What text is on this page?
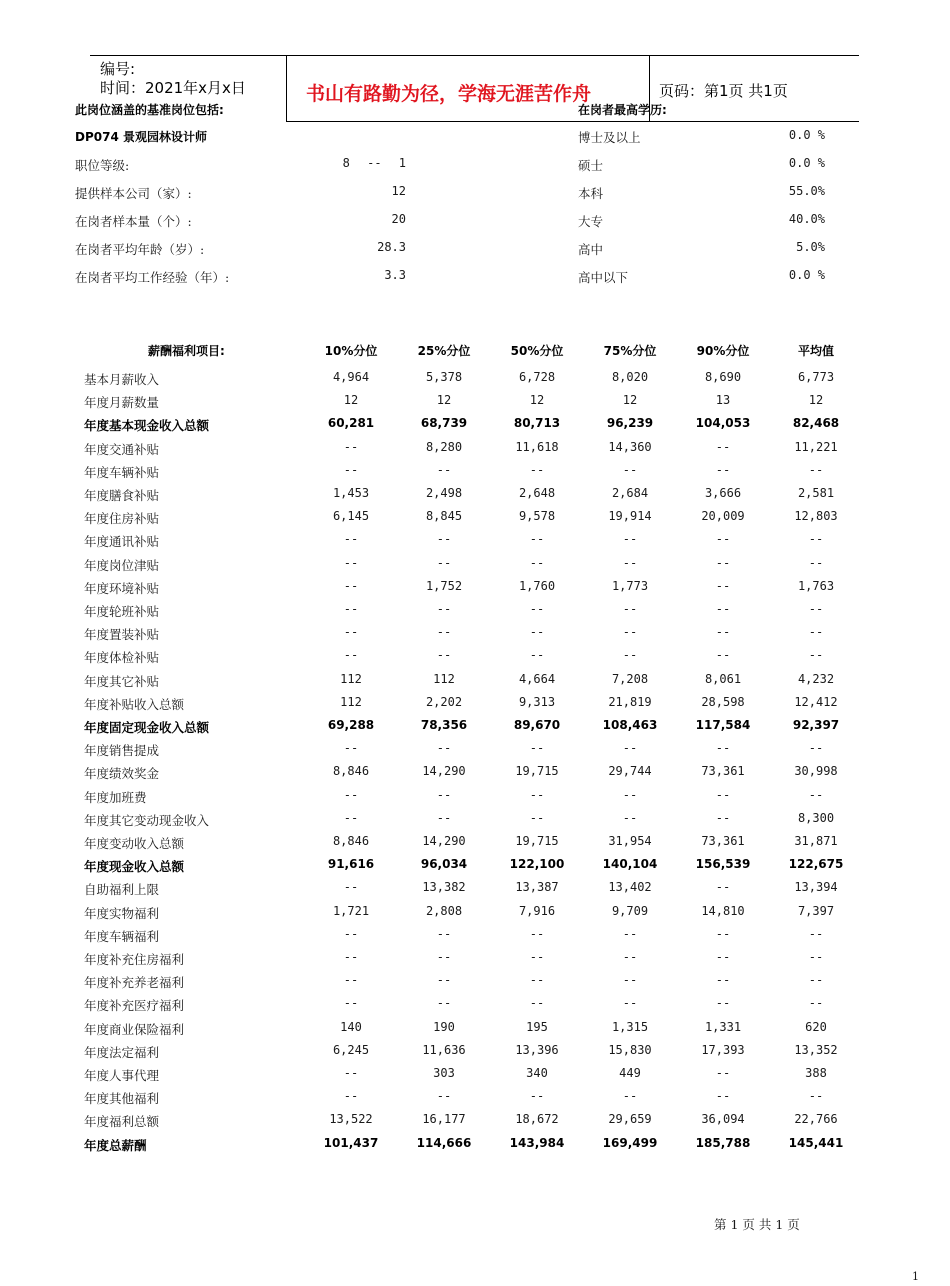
编号:
时间：2021年x月x日	书山有路勤为径，学海无涯苦作舟	页码：第1页 共1页
此岗位涵盖的基准岗位包括:
DP074 景观园林设计师
职位等级:	8 -- 1
提供样本公司（家）:	12
在岗者样本量（个）:	20
在岗者平均年龄（岁）:	28.3
在岗者平均工作经验（年）:	3.3
在岗者最高学历:
博士及以上	0.0 %
硕士	0.0 %
本科	55.0%
大专	40.0%
高中	5.0%
高中以下	0.0 %
薪酬福利项目:	10%分位	25%分位	50%分位	75%分位	90%分位	平均值
基本月薪收入	4,964	5,378	6,728	8,020	8,690	6,773
年度月薪数量	12	12	12	12	13	12
年度基本现金收入总额	60,281	68,739	80,713	96,239	104,053	82,468
年度交通补贴	--	8,280	11,618	14,360	--	11,221
年度车辆补贴	--	--	--	--	--	--
年度膳食补贴	1,453	2,498	2,648	2,684	3,666	2,581
年度住房补贴	6,145	8,845	9,578	19,914	20,009	12,803
年度通讯补贴	--	--	--	--	--	--
年度岗位津贴	--	--	--	--	--	--
年度环境补贴	--	1,752	1,760	1,773	--	1,763
年度轮班补贴	--	--	--	--	--	--
年度置装补贴	--	--	--	--	--	--
年度体检补贴	--	--	--	--	--	--
年度其它补贴	112	112	4,664	7,208	8,061	4,232
年度补贴收入总额	112	2,202	9,313	21,819	28,598	12,412
年度固定现金收入总额	69,288	78,356	89,670	108,463	117,584	92,397
年度销售提成	--	--	--	--	--	--
年度绩效奖金	8,846	14,290	19,715	29,744	73,361	30,998
年度加班费	--	--	--	--	--	--
年度其它变动现金收入	--	--	--	--	--	8,300
年度变动收入总额	8,846	14,290	19,715	31,954	73,361	31,871
年度现金收入总额	91,616	96,034	122,100	140,104	156,539	122,675
自助福利上限	--	13,382	13,387	13,402	--	13,394
年度实物福利	1,721	2,808	7,916	9,709	14,810	7,397
年度车辆福利	--	--	--	--	--	--
年度补充住房福利	--	--	--	--	--	--
年度补充养老福利	--	--	--	--	--	--
年度补充医疗福利	--	--	--	--	--	--
年度商业保险福利	140	190	195	1,315	1,331	620
年度法定福利	6,245	11,636	13,396	15,830	17,393	13,352
年度人事代理	--	303	340	449	--	388
年度其他福利	--	--	--	--	--	--
年度福利总额	13,522	16,177	18,672	29,659	36,094	22,766
年度总薪酬	101,437	114,666	143,984	169,499	185,788	145,441
第 1 页 共 1 页
1
